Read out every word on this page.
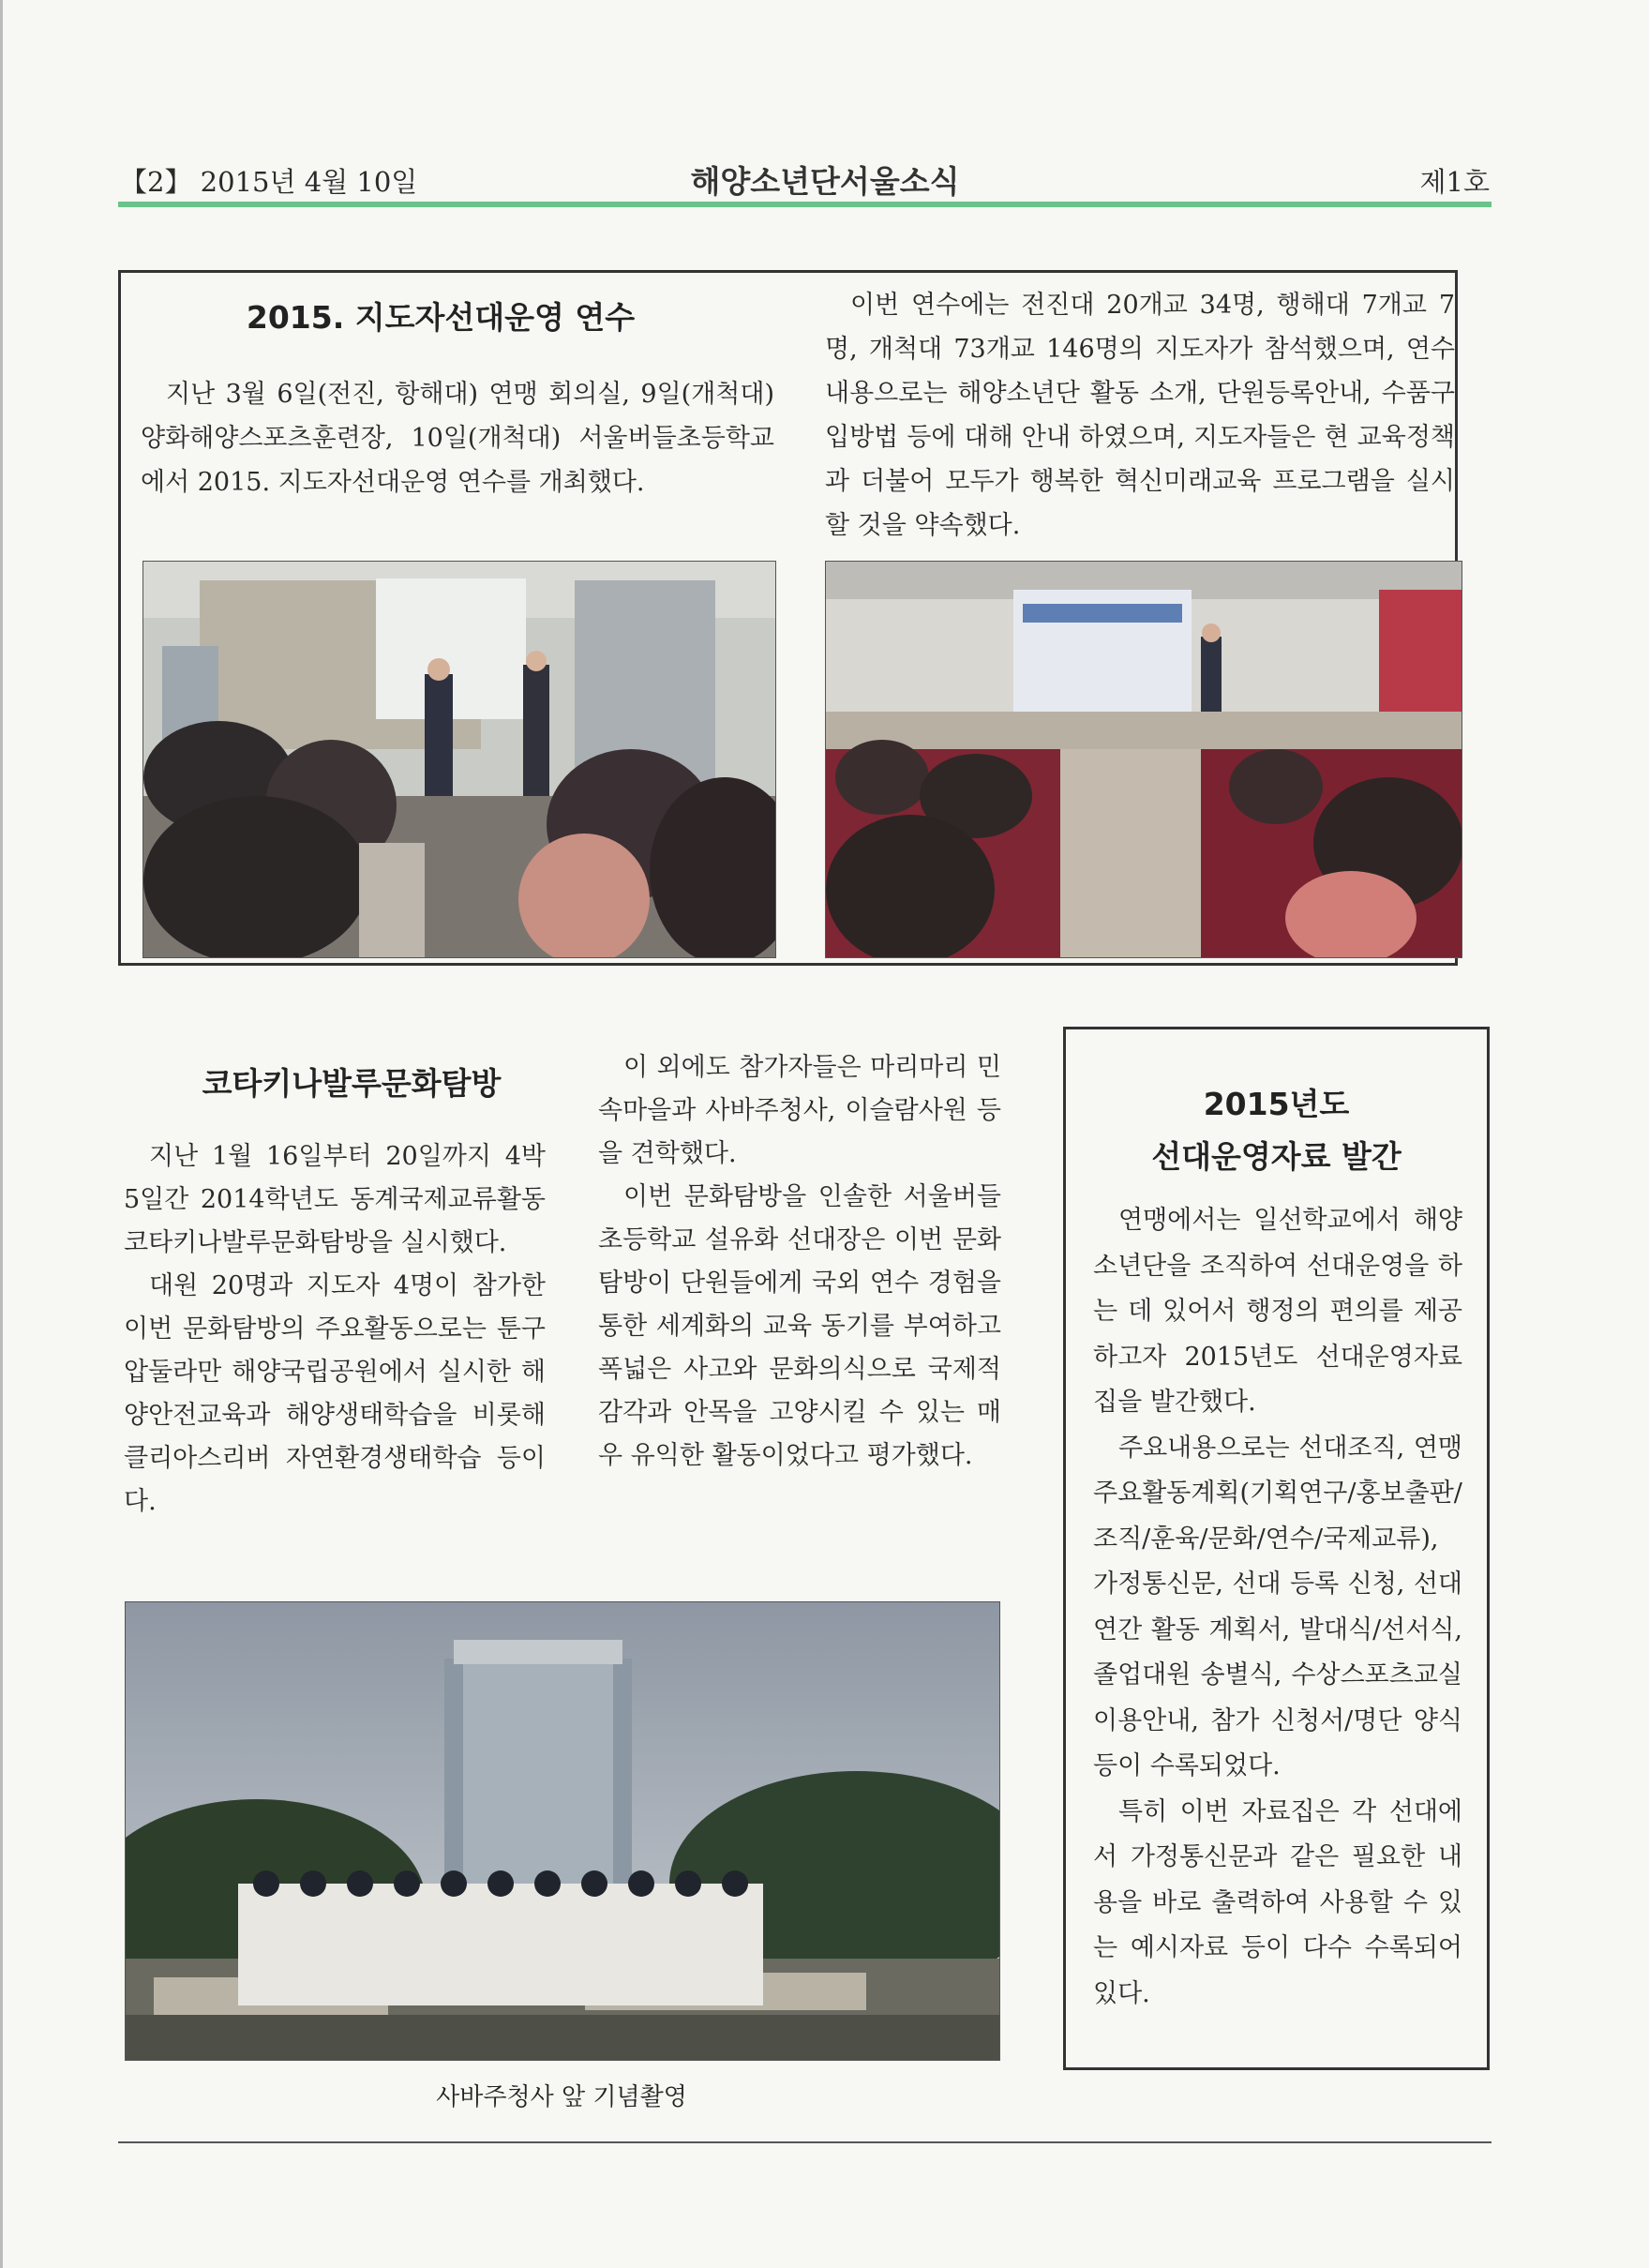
【2】 2015년 4월 10일	해양소년단서울소식	제1호
2015. 지도자선대운영 연수

지난 3월 6일(전진, 항해대) 연맹 회의실, 9일(개척대) 양화해양스포츠훈련장, 10일(개척대) 서울버들초등학교에서 2015. 지도자선대운영 연수를 개최했다.

이번 연수에는 전진대 20개교 34명, 행해대 7개교 7명, 개척대 73개교 146명의 지도자가 참석했으며, 연수 내용으로는 해양소년단 활동 소개, 단원등록안내, 수품구입방법 등에 대해 안내 하였으며, 지도자들은 현 교육정책과 더불어 모두가 행복한 혁신미래교육 프로그램을 실시 할 것을 약속했다.

코타키나발루문화탐방

지난 1월 16일부터 20일까지 4박 5일간 2014학년도 동계국제교류활동 코타키나발루문화탐방을 실시했다.

대원 20명과 지도자 4명이 참가한 이번 문화탐방의 주요활동으로는 툰구압둘라만 해양국립공원에서 실시한 해양안전교육과 해양생태학습을 비롯해 클리아스리버 자연환경생태학습 등이다.

이 외에도 참가자들은 마리마리 민속마을과 사바주청사, 이슬람사원 등을 견학했다.

이번 문화탐방을 인솔한 서울버들초등학교 설유화 선대장은 이번 문화탐방이 단원들에게 국외 연수 경험을 통한 세계화의 교육 동기를 부여하고 폭넓은 사고와 문화의식으로 국제적 감각과 안목을 고양시킬 수 있는 매우 유익한 활동이었다고 평가했다.

사바주청사 앞 기념촬영
2015년도
선대운영자료 발간

연맹에서는 일선학교에서 해양소년단을 조직하여 선대운영을 하는 데 있어서 행정의 편의를 제공하고자 2015년도 선대운영자료집을 발간했다.

주요내용으로는 선대조직, 연맹주요활동계획(기획연구/홍보출판/조직/훈육/문화/연수/국제교류), 가정통신문, 선대 등록 신청, 선대 연간 활동 계획서, 발대식/선서식, 졸업대원 송별식, 수상스포츠교실 이용안내, 참가 신청서/명단 양식 등이 수록되었다.

특히 이번 자료집은 각 선대에서 가정통신문과 같은 필요한 내용을 바로 출력하여 사용할 수 있는 예시자료 등이 다수 수록되어 있다.
